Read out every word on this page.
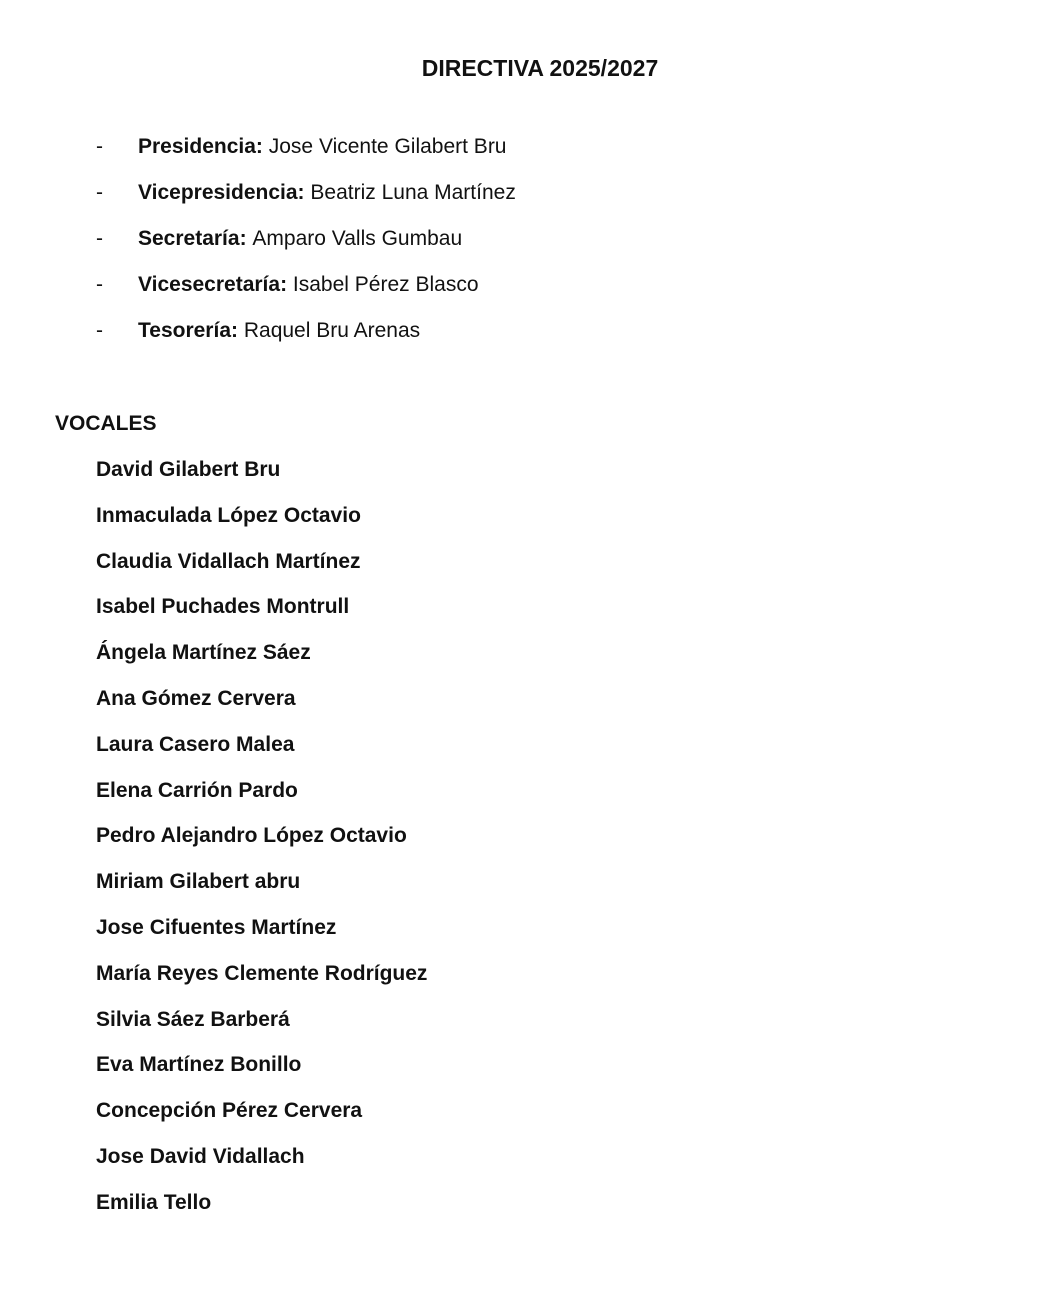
DIRECTIVA 2025/2027
-	Presidencia:
Jose Vicente Gilabert Bru
-	Vicepresidencia:
Beatriz Luna Martínez
-	Secretaría:
Amparo Valls Gumbau
-	Vicesecretaría:
Isabel Pérez Blasco
-	Tesorería:
Raquel Bru Arenas
VOCALES
David Gilabert Bru
Inmaculada López Octavio
Claudia Vidallach Martínez
Isabel Puchades Montrull
Ángela Martínez Sáez
Ana Gómez Cervera
Laura Casero Malea
Elena Carrión Pardo
Pedro Alejandro López Octavio
Miriam Gilabert abru
Jose Cifuentes Martínez
María Reyes Clemente Rodríguez
Silvia Sáez Barberá
Eva Martínez Bonillo
Concepción Pérez Cervera
Jose David Vidallach
Emilia Tello
